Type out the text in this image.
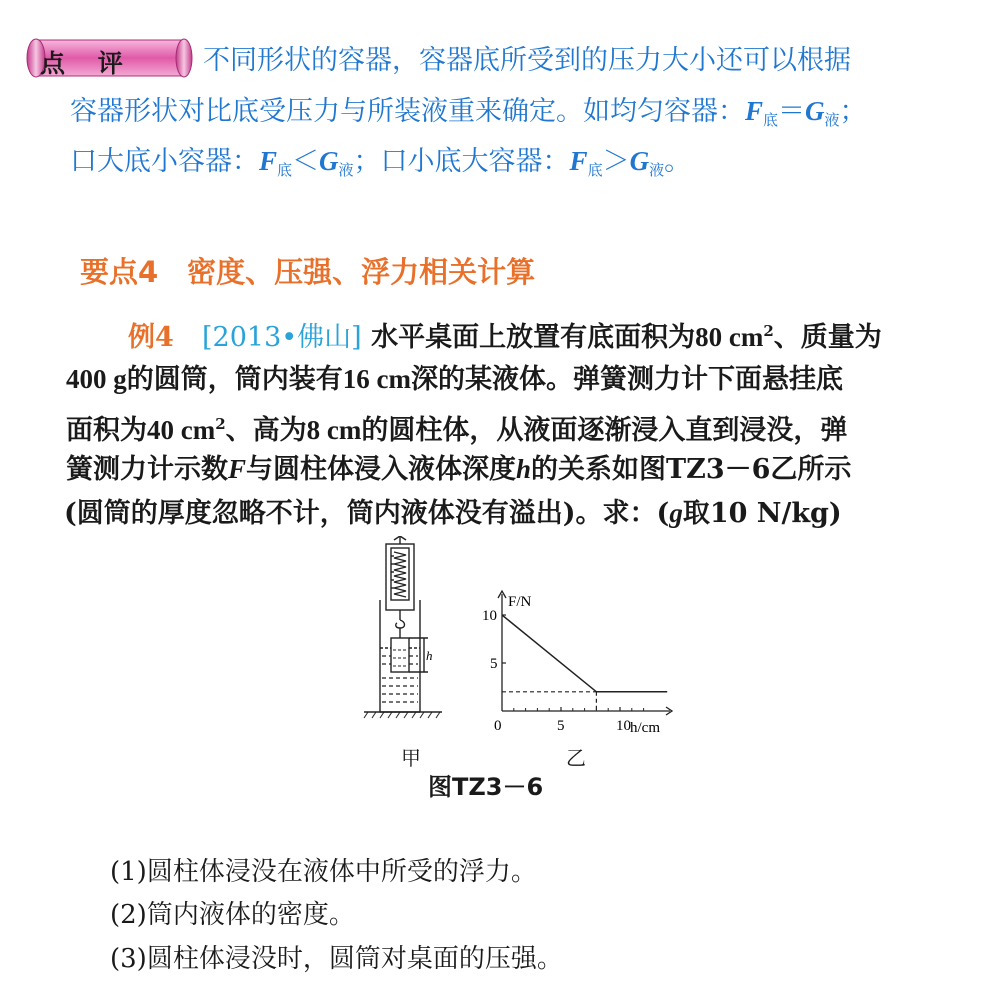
点 评	不同形状的容器，容器底所受到的压力大小还可以根据
容器形状对比底受压力与所装液重来确定。如均匀容器：$F_底=G_液$；
口大底小容器：$F_底<G_液$；口小底大容器：$F_底>G_液$。
要点4　密度、压强、浮力相关计算
例4 [2013•佛山] 水平桌面上放置有底面积为80 $cm^2$、质量为
400 g的圆筒，筒内装有16 cm深的某液体。弹簧测力计下面悬挂底
面积为40 $cm^2$、高为8 cm的圆柱体，从液面逐渐浸入直到浸没，弹
簧测力计示数F与圆柱体浸入液体深度h的关系如图TZ3－6乙所示
(圆筒的厚度忽略不计，筒内液体没有溢出)。求：(g取10 N/kg)
h
F/N
h/cm
0	5	10
5
10
甲	乙
图TZ3－6
(1)圆柱体浸没在液体中所受的浮力。
(2)筒内液体的密度。
(3)圆柱体浸没时，圆筒对桌面的压强。
